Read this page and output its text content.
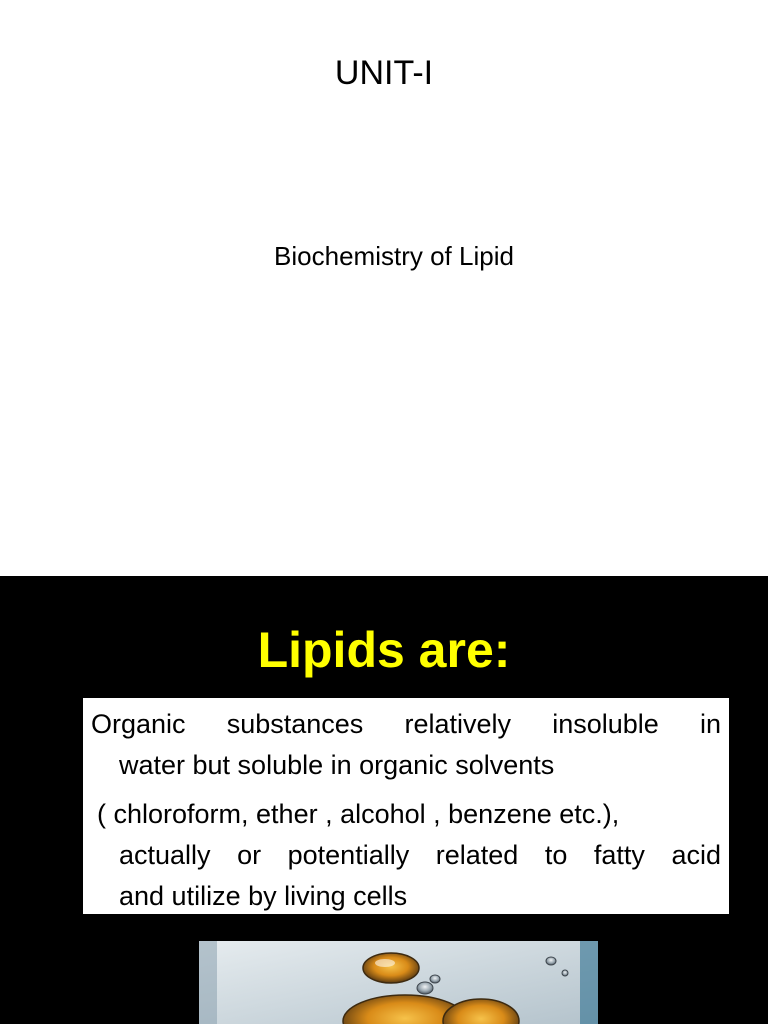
UNIT-I
Biochemistry of Lipid
Lipids are:
Organic substances relatively insoluble in
water but soluble in organic solvents
( chloroform, ether , alcohol , benzene etc.),
actually or potentially related to fatty acid
and utilize by living cells
